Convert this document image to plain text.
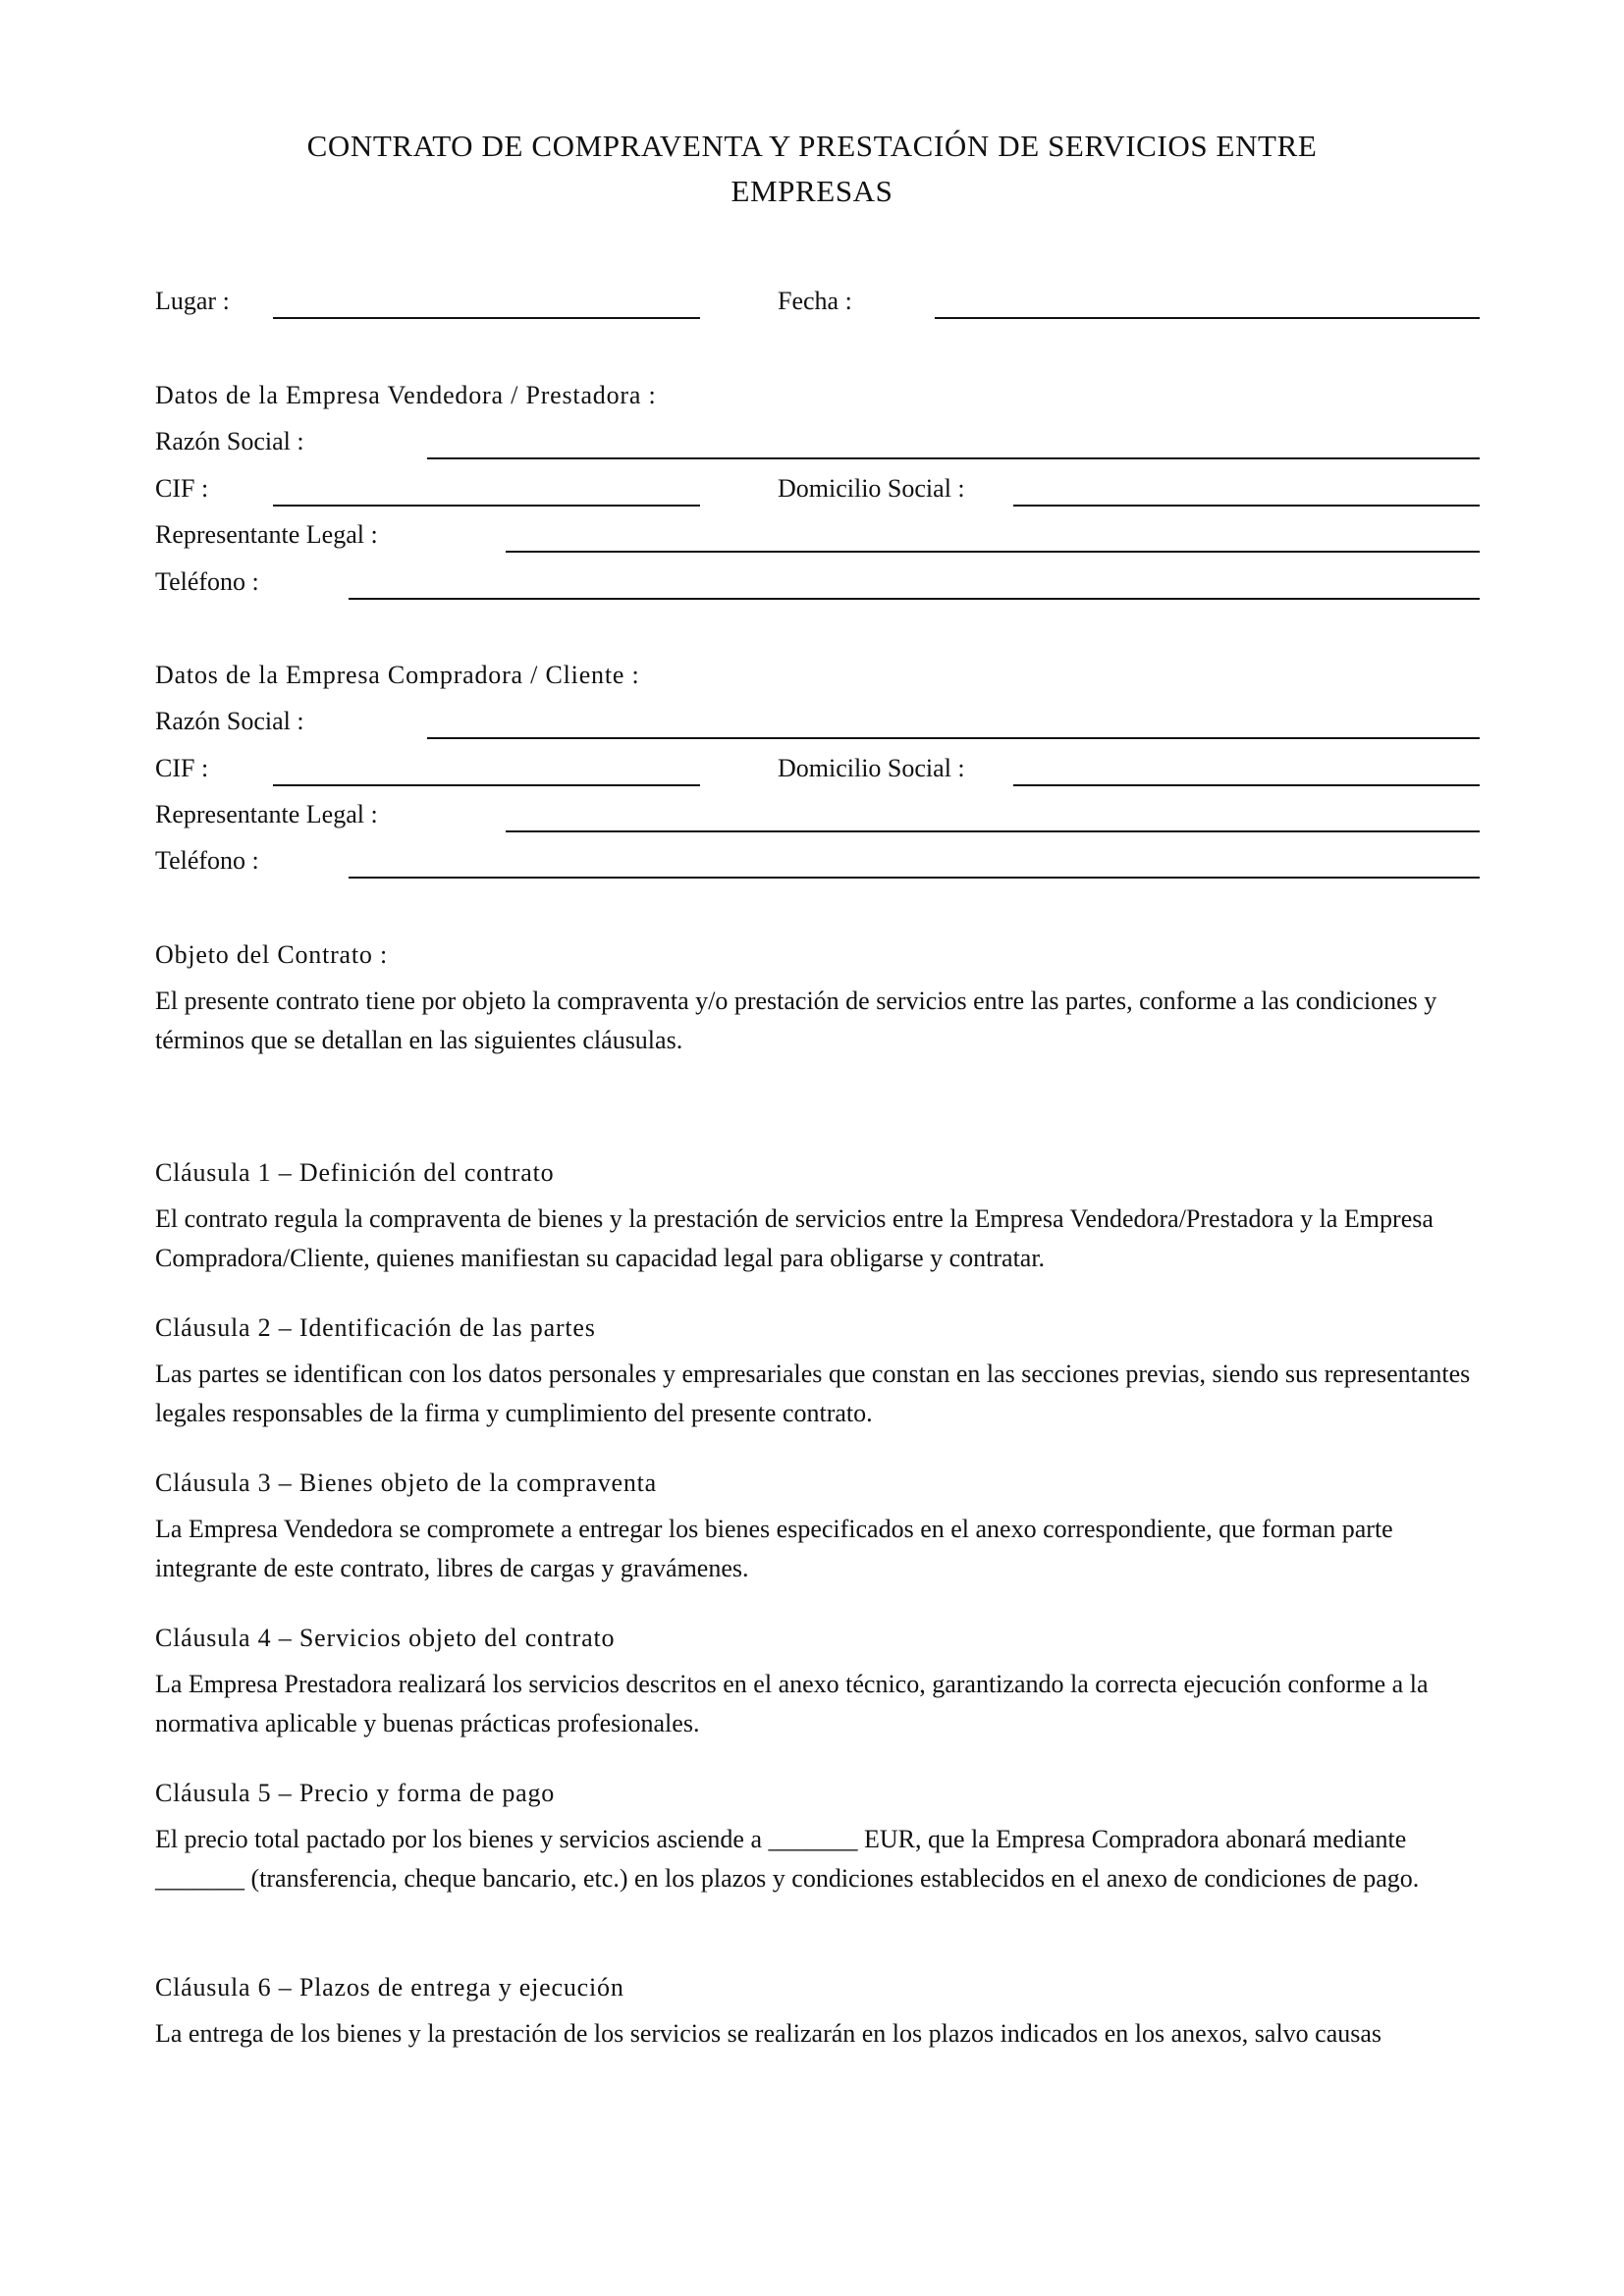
CONTRATO DE COMPRAVENTA Y PRESTACIÓN DE SERVICIOS ENTRE
EMPRESAS
Lugar :	Fecha :
Datos de la Empresa Vendedora / Prestadora :
Razón Social :
CIF :	Domicilio Social :
Representante Legal :
Teléfono :
Datos de la Empresa Compradora / Cliente :
Razón Social :
CIF :	Domicilio Social :
Representante Legal :
Teléfono :
Objeto del Contrato :

El presente contrato tiene por objeto la compraventa y/o prestación de servicios entre las partes, conforme a las condiciones y términos que se detallan en las siguientes cláusulas.

Cláusula 1 – Definición del contrato

El contrato regula la compraventa de bienes y la prestación de servicios entre la Empresa Vendedora/Prestadora y la Empresa Compradora/Cliente, quienes manifiestan su capacidad legal para obligarse y contratar.

Cláusula 2 – Identificación de las partes

Las partes se identifican con los datos personales y empresariales que constan en las secciones previas, siendo sus representantes legales responsables de la firma y cumplimiento del presente contrato.

Cláusula 3 – Bienes objeto de la compraventa

La Empresa Vendedora se compromete a entregar los bienes especificados en el anexo correspondiente, que forman parte integrante de este contrato, libres de cargas y gravámenes.

Cláusula 4 – Servicios objeto del contrato

La Empresa Prestadora realizará los servicios descritos en el anexo técnico, garantizando la correcta ejecución conforme a la normativa aplicable y buenas prácticas profesionales.

Cláusula 5 – Precio y forma de pago

El precio total pactado por los bienes y servicios asciende a _______ EUR, que la Empresa Compradora abonará mediante _______ (transferencia, cheque bancario, etc.) en los plazos y condiciones establecidos en el anexo de condiciones de pago.

Cláusula 6 – Plazos de entrega y ejecución

La entrega de los bienes y la prestación de los servicios se realizarán en los plazos indicados en los anexos, salvo causas
